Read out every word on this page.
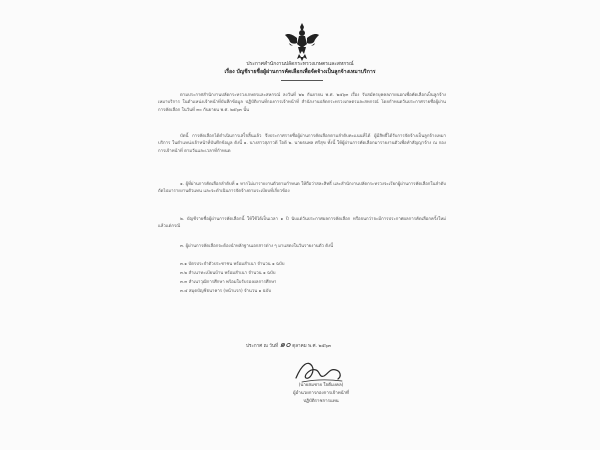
ประกาศสำนักงานปลัดกระทรวงเกษตรและสหกรณ์
เรื่อง บัญชีรายชื่อผู้ผ่านการคัดเลือกเพื่อจัดจ้างเป็นลูกจ้างเหมาบริการ
ตามประกาศสำนักงานปลัดกระทรวงเกษตรและสหกรณ์ ลงวันที่ ๒๒ กันยายน พ.ศ. ๒๕๖๓ เรื่อง รับสมัครบุคคลภายนอกเพื่อคัดเลือกเป็นลูกจ้างเหมาบริการ ในตำแหน่งเจ้าหน้าที่บันทึกข้อมูล ปฏิบัติงานที่กองการเจ้าหน้าที่ สำนักงานปลัดกระทรวงเกษตรและสหกรณ์ โดยกำหนดวันประกาศรายชื่อผู้ผ่านการคัดเลือก ในวันที่ ๓๐ กันยายน พ.ศ. ๒๕๖๓ นั้น
บัดนี้ การคัดเลือกได้ดำเนินการเสร็จสิ้นแล้ว จึงประกาศรายชื่อผู้ผ่านการคัดเลือกตามลำดับคะแนนที่ได้ ผู้มีสิทธิ์ได้รับการจัดจ้างเป็นลูกจ้างเหมาบริการ ในตำแหน่งเจ้าหน้าที่บันทึกข้อมูล ดังนี้ ๑. นางสาวสุภาวดี ใจดี ๒. นายธนพล ศรีสุข ทั้งนี้ ให้ผู้ผ่านการคัดเลือกมารายงานตัวเพื่อทำสัญญาจ้าง ณ กองการเจ้าหน้าที่ ตามวันและเวลาที่กำหนด
๑. ผู้ที่ผ่านการคัดเลือกลำดับที่ ๑ หากไม่มารายงานตัวตามกำหนด ให้ถือว่าสละสิทธิ์ และสำนักงานปลัดกระทรวงจะเรียกผู้ผ่านการคัดเลือกในลำดับถัดไปมารายงานตัวแทน และจะดำเนินการจัดจ้างตามระเบียบที่เกี่ยวข้อง
๒. บัญชีรายชื่อผู้ผ่านการคัดเลือกนี้ ให้ใช้ได้เป็นเวลา ๑ ปี นับแต่วันประกาศผลการคัดเลือก หรือจนกว่าจะมีการประกาศผลการคัดเลือกครั้งใหม่ แล้วแต่กรณี
๓. ผู้ผ่านการคัดเลือกจะต้องนำหลักฐานเอกสารต่าง ๆ มาแสดงในวันรายงานตัว ดังนี้
๓.๑ บัตรประจำตัวประชาชน พร้อมสำเนา จำนวน ๑ ฉบับ
๓.๒ สำเนาทะเบียนบ้าน พร้อมสำเนา จำนวน ๑ ฉบับ
๓.๓ สำเนาวุฒิการศึกษา พร้อมใบรับรองผลการศึกษา
๓.๔ สมุดบัญชีธนาคาร (หน้าแรก) จำนวน ๑ ฉบับ
ประกาศ ณ วันที่ ๑๐ ตุลาคม พ.ศ. ๒๕๖๓
(นายสมชาย ใจดีมงคล)
ผู้อำนวยการกองการเจ้าหน้าที่
ปฏิบัติราชการแทน
